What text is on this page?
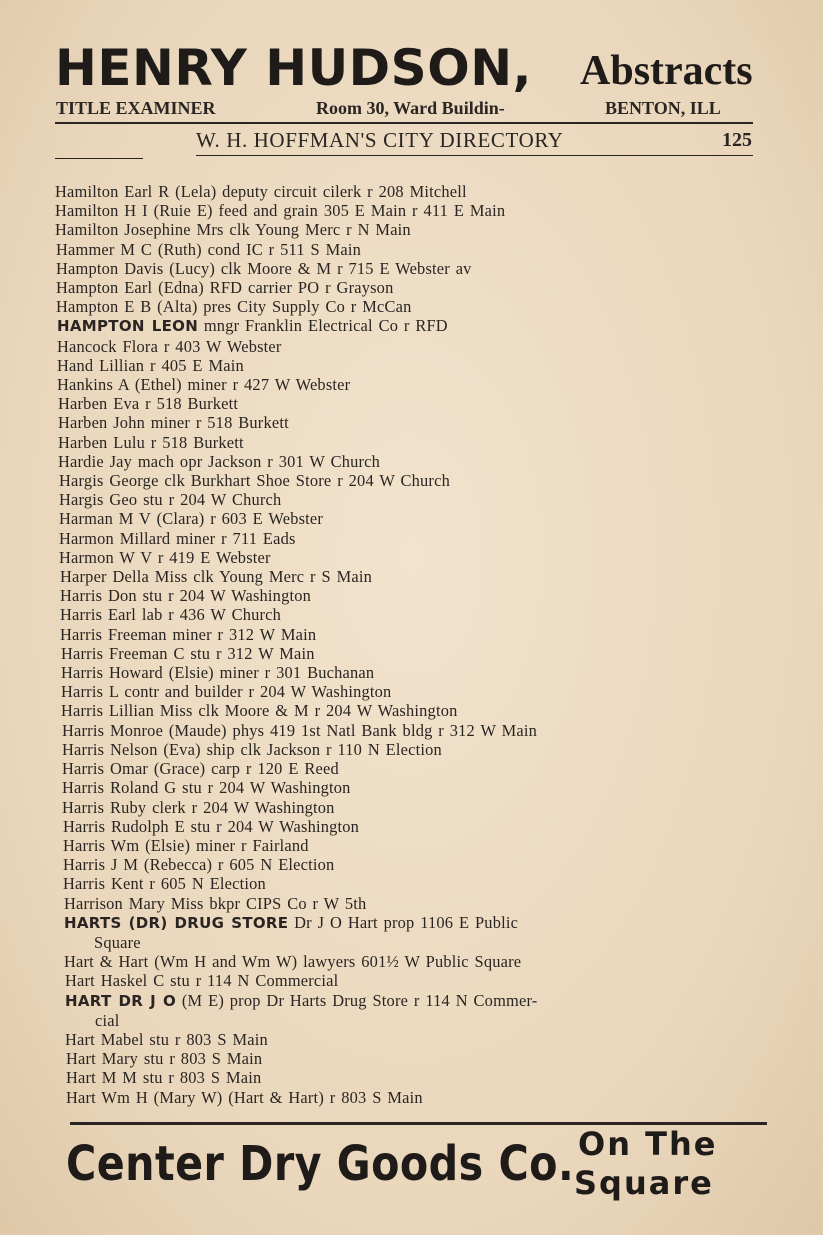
HENRY HUDSON, Abstracts
TITLE EXAMINER	Room 30, Ward Buildin-	BENTON, ILL
W. H. HOFFMAN'S CITY DIRECTORY	125
Hamilton Earl R (Lela) deputy circuit cilerk r 208 Mitchell
Hamilton H I (Ruie E) feed and grain 305 E Main r 411 E Main
Hamilton Josephine Mrs clk Young Merc r N Main
Hammer M C (Ruth) cond IC r 511 S Main
Hampton Davis (Lucy) clk Moore & M r 715 E Webster av
Hampton Earl (Edna) RFD carrier PO r Grayson
Hampton E B (Alta) pres City Supply Co r McCan
HAMPTON LEON mngr Franklin Electrical Co r RFD
Hancock Flora r 403 W Webster
Hand Lillian r 405 E Main
Hankins A (Ethel) miner r 427 W Webster
Harben Eva r 518 Burkett
Harben John miner r 518 Burkett
Harben Lulu r 518 Burkett
Hardie Jay mach opr Jackson r 301 W Church
Hargis George clk Burkhart Shoe Store r 204 W Church
Hargis Geo stu r 204 W Church
Harman M V (Clara) r 603 E Webster
Harmon Millard miner r 711 Eads
Harmon W V r 419 E Webster
Harper Della Miss clk Young Merc r S Main
Harris Don stu r 204 W Washington
Harris Earl lab r 436 W Church
Harris Freeman miner r 312 W Main
Harris Freeman C stu r 312 W Main
Harris Howard (Elsie) miner r 301 Buchanan
Harris L contr and builder r 204 W Washington
Harris Lillian Miss clk Moore & M r 204 W Washington
Harris Monroe (Maude) phys 419 1st Natl Bank bldg r 312 W Main
Harris Nelson (Eva) ship clk Jackson r 110 N Election
Harris Omar (Grace) carp r 120 E Reed
Harris Roland G stu r 204 W Washington
Harris Ruby clerk r 204 W Washington
Harris Rudolph E stu r 204 W Washington
Harris Wm (Elsie) miner r Fairland
Harris J M (Rebecca) r 605 N Election
Harris Kent r 605 N Election
Harrison Mary Miss bkpr CIPS Co r W 5th
HARTS (DR) DRUG STORE Dr J O Hart prop 1106 E Public
Square
Hart & Hart (Wm H and Wm W) lawyers 601½ W Public Square
Hart Haskel C stu r 114 N Commercial
HART DR J O (M E) prop Dr Harts Drug Store r 114 N Commer-
cial
Hart Mabel stu r 803 S Main
Hart Mary stu r 803 S Main
Hart M M stu r 803 S Main
Hart Wm H (Mary W) (Hart & Hart) r 803 S Main
Center Dry Goods Co. On The
Square
